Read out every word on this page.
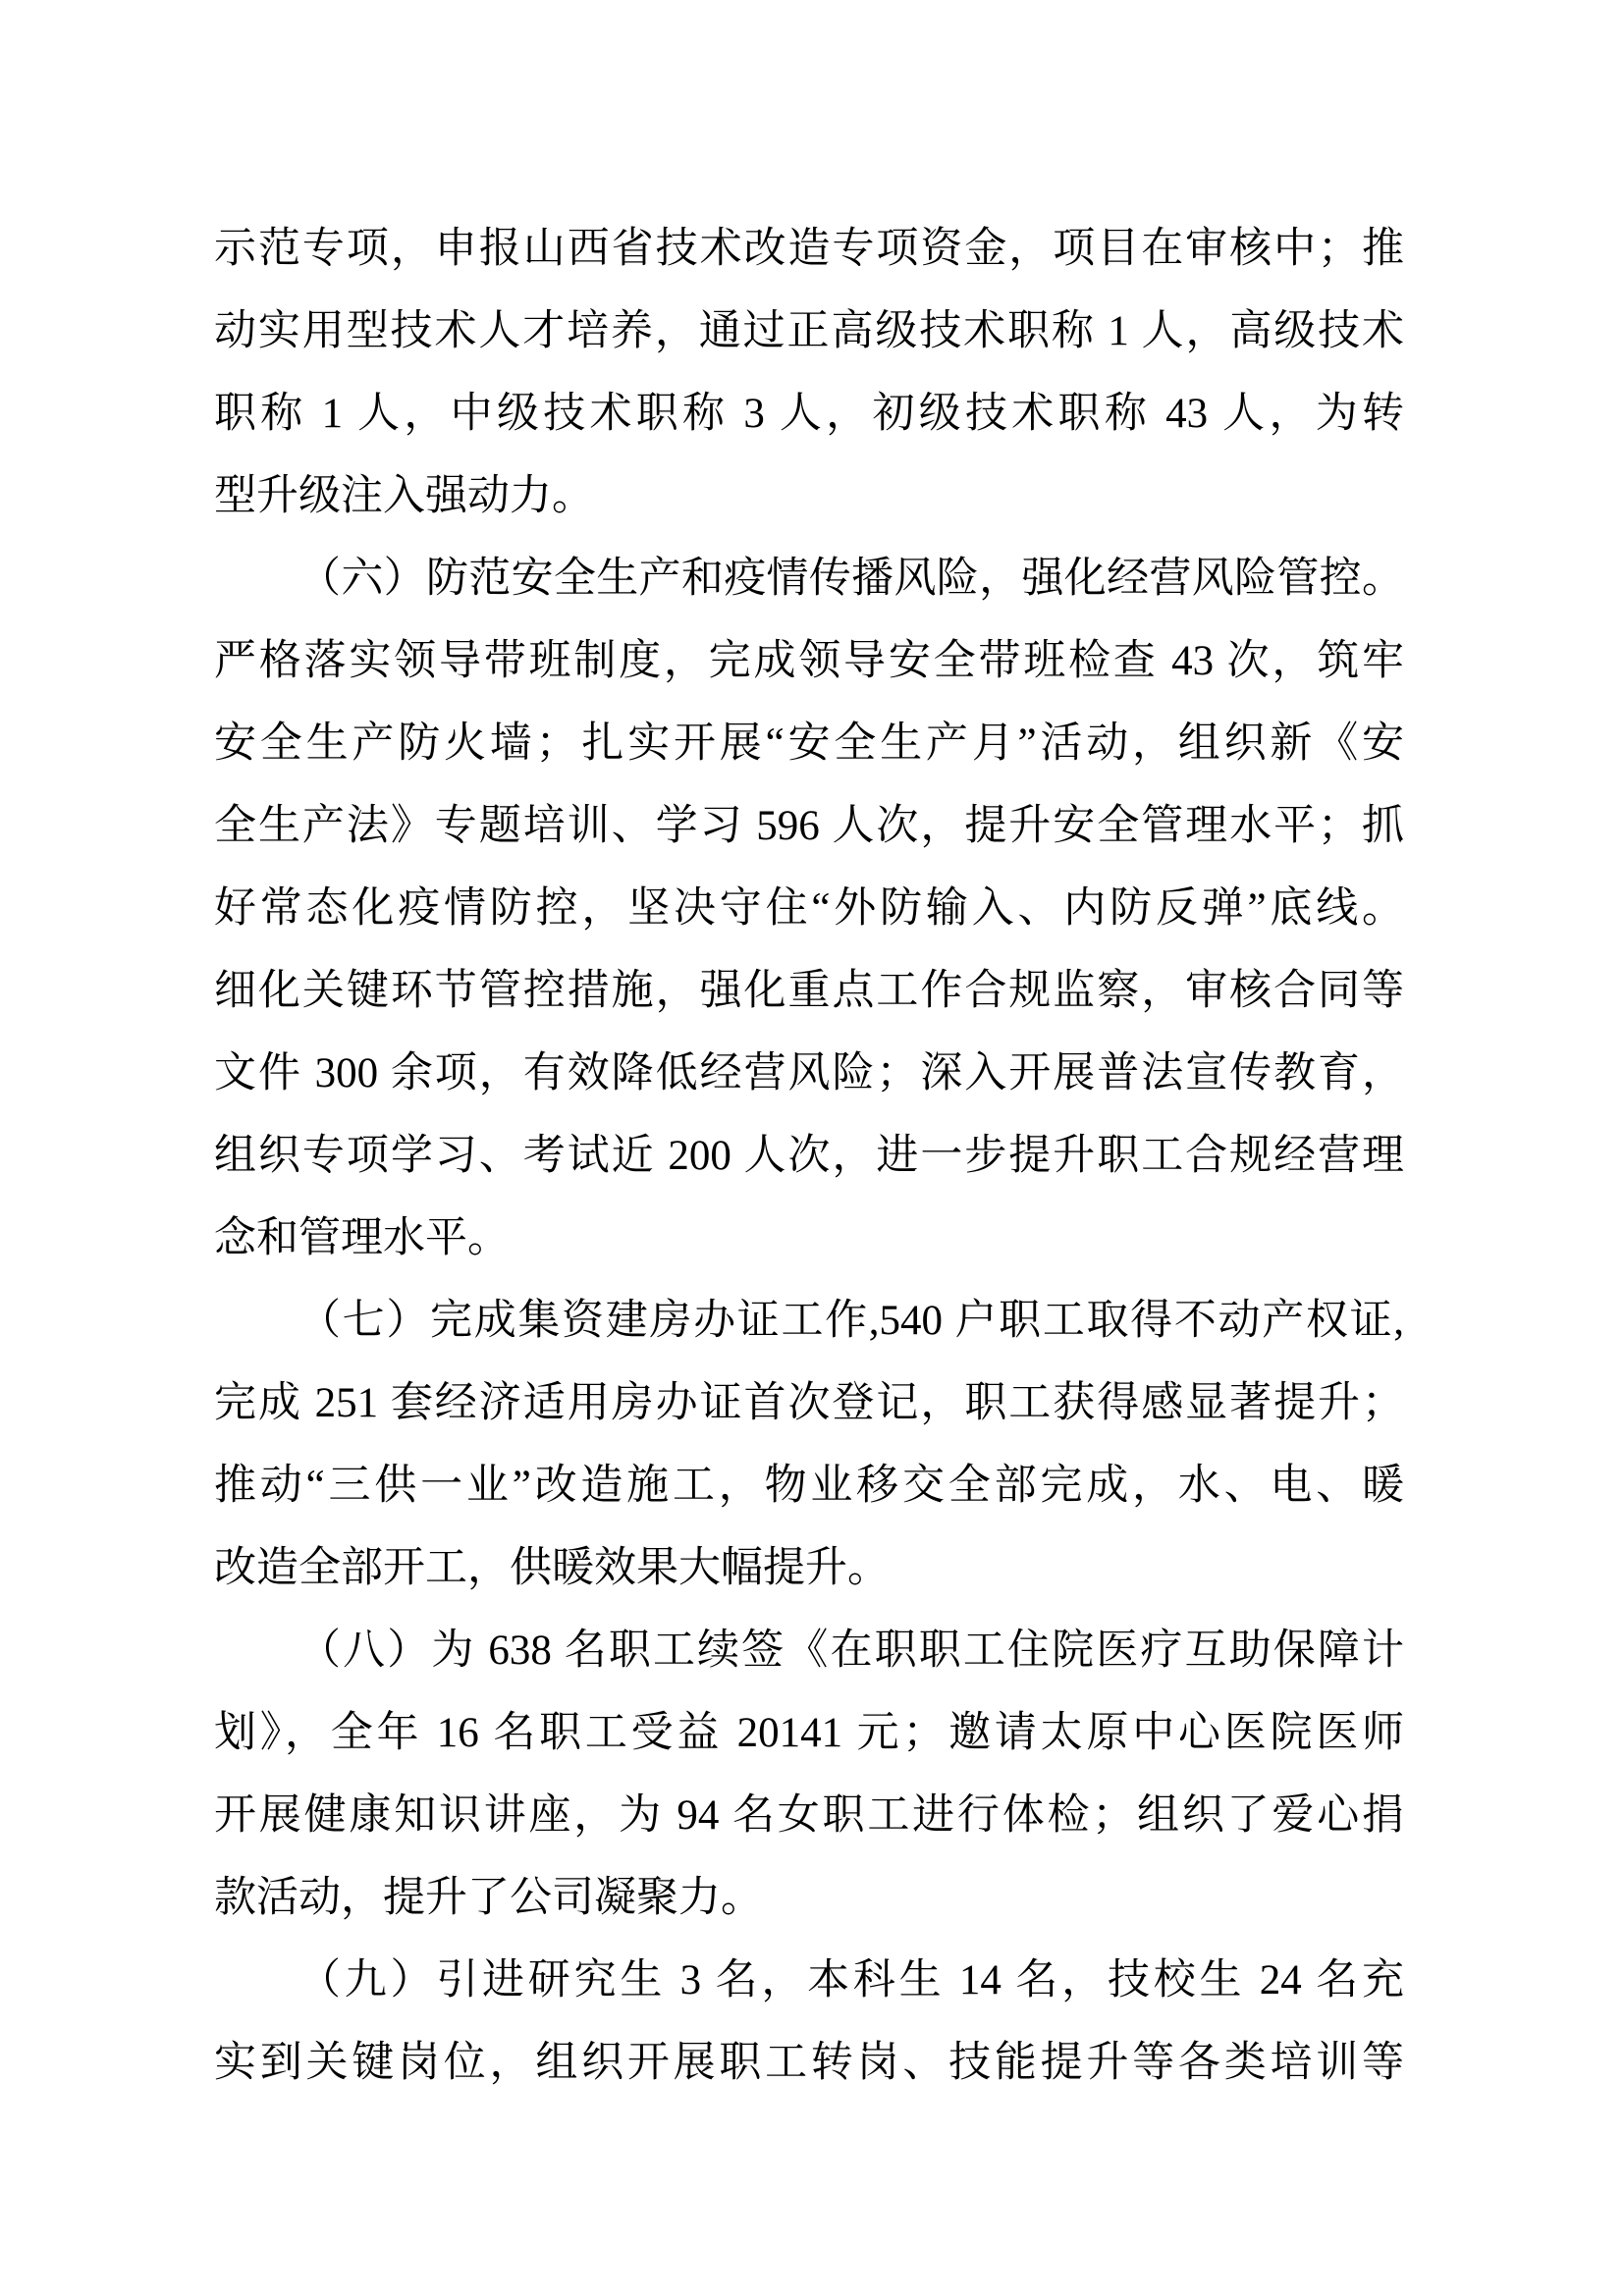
示范专项，申报山西省技术改造专项资金，项目在审核中；推
动实用型技术人才培养，通过正高级技术职称 1 人，高级技术
职称 1 人，中级技术职称 3 人，初级技术职称 43 人，为转
型升级注入强动力。
（六）防范安全生产和疫情传播风险，强化经营风险管控。
严格落实领导带班制度，完成领导安全带班检查 43 次，筑牢
安全生产防火墙；扎实开展“安全生产月”活动，组织新《安
全生产法》专题培训、学习 596 人次，提升安全管理水平；抓
好常态化疫情防控，坚决守住“外防输入、内防反弹”底线。
细化关键环节管控措施，强化重点工作合规监察，审核合同等
文件 300 余项，有效降低经营风险；深入开展普法宣传教育，
组织专项学习、考试近 200 人次，进一步提升职工合规经营理
念和管理水平。
（七）完成集资建房办证工作,540 户职工取得不动产权证,
完成 251 套经济适用房办证首次登记，职工获得感显著提升；
推动“三供一业”改造施工，物业移交全部完成，水、电、暖
改造全部开工，供暖效果大幅提升。
（八）为 638 名职工续签《在职职工住院医疗互助保障计
划》，全年 16 名职工受益 20141 元；邀请太原中心医院医师
开展健康知识讲座，为 94 名女职工进行体检；组织了爱心捐
款活动，提升了公司凝聚力。
（九）引进研究生 3 名，本科生 14 名，技校生 24 名充
实到关键岗位，组织开展职工转岗、技能提升等各类培训等
